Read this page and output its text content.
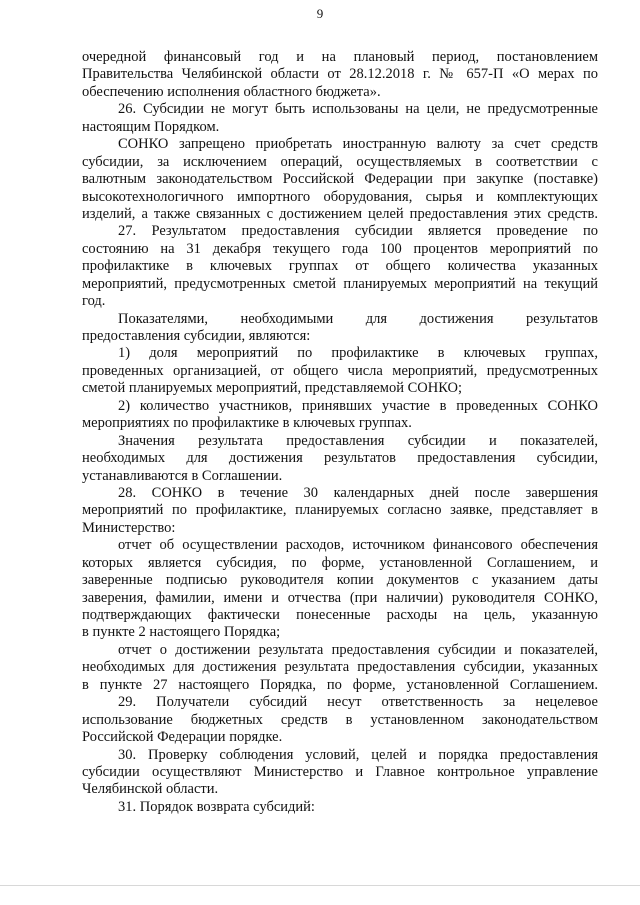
9
очередной финансовый год и на плановый период, постановлением
Правительства Челябинской области от 28.12.2018 г. № 657-П «О мерах по
обеспечению исполнения областного бюджета».
26. Субсидии не могут быть использованы на цели, не предусмотренные
настоящим Порядком.
СОНКО запрещено приобретать иностранную валюту за счет средств
субсидии, за исключением операций, осуществляемых в соответствии с
валютным законодательством Российской Федерации при закупке (поставке)
высокотехнологичного импортного оборудования, сырья и комплектующих
изделий, а также связанных с достижением целей предоставления этих средств.
27. Результатом предоставления субсидии является проведение по
состоянию на 31 декабря текущего года 100 процентов мероприятий по
профилактике в ключевых группах от общего количества указанных
мероприятий, предусмотренных сметой планируемых мероприятий на текущий
год.
Показателями, необходимыми для достижения результатов
предоставления субсидии, являются:
1) доля мероприятий по профилактике в ключевых группах,
проведенных организацией, от общего числа мероприятий, предусмотренных
сметой планируемых мероприятий, представляемой СОНКО;
2) количество участников, принявших участие в проведенных СОНКО
мероприятиях по профилактике в ключевых группах.
Значения результата предоставления субсидии и показателей,
необходимых для достижения результатов предоставления субсидии,
устанавливаются в Соглашении.
28. СОНКО в течение 30 календарных дней после завершения
мероприятий по профилактике, планируемых согласно заявке, представляет в
Министерство:
отчет об осуществлении расходов, источником финансового обеспечения
которых является субсидия, по форме, установленной Соглашением, и
заверенные подписью руководителя копии документов с указанием даты
заверения, фамилии, имени и отчества (при наличии) руководителя СОНКО,
подтверждающих фактически понесенные расходы на цель, указанную
в пункте 2 настоящего Порядка;
отчет о достижении результата предоставления субсидии и показателей,
необходимых для достижения результата предоставления субсидии, указанных
в пункте 27 настоящего Порядка, по форме, установленной Соглашением.
29. Получатели субсидий несут ответственность за нецелевое
использование бюджетных средств в установленном законодательством
Российской Федерации порядке.
30. Проверку соблюдения условий, целей и порядка предоставления
субсидии осуществляют Министерство и Главное контрольное управление
Челябинской области.
31. Порядок возврата субсидий:
